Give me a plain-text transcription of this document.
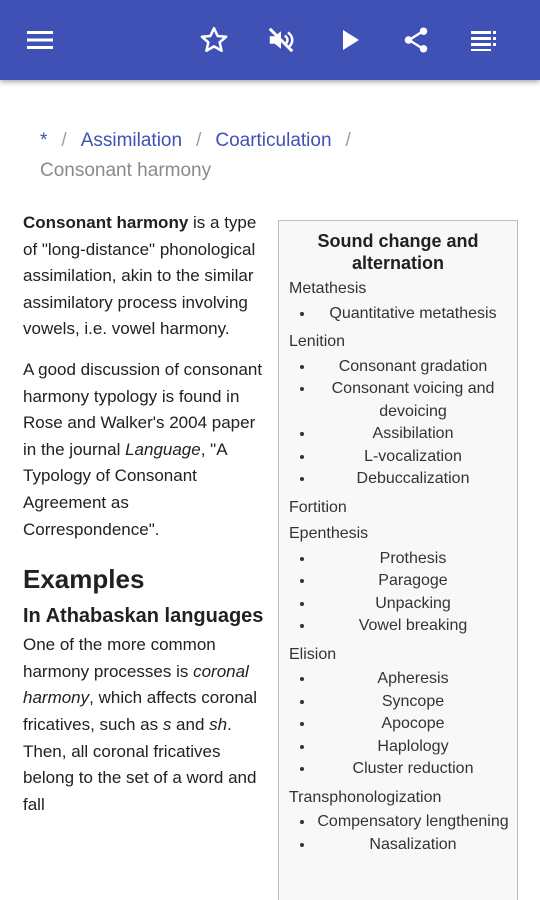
* / Assimilation / Coarticulation /
Consonant harmony

Consonant harmony is a type of "long-distance" phonological assimilation, akin to the similar assimilatory process involving vowels, i.e. vowel harmony.

A good discussion of consonant harmony typology is found in Rose and Walker's 2004 paper in the journal Language, "A Typology of Consonant Agreement as Correspondence".

Examples
In Athabaskan languages

One of the more common harmony processes is coronal harmony, which affects coronal fricatives, such as s and sh. Then, all coronal fricatives belong to the set of a word and fall

Sound change and alternation
Metathesis
• Quantitative metathesis
Lenition
• Consonant gradation
• Consonant voicing and devoicing
• Assibilation
• L-vocalization
• Debuccalization
Fortition
Epenthesis
• Prothesis
• Paragoge
• Unpacking
• Vowel breaking
Elision
• Apheresis
• Syncope
• Apocope
• Haplology
• Cluster reduction
Transphonologization
• Compensatory lengthening
• Nasalization
